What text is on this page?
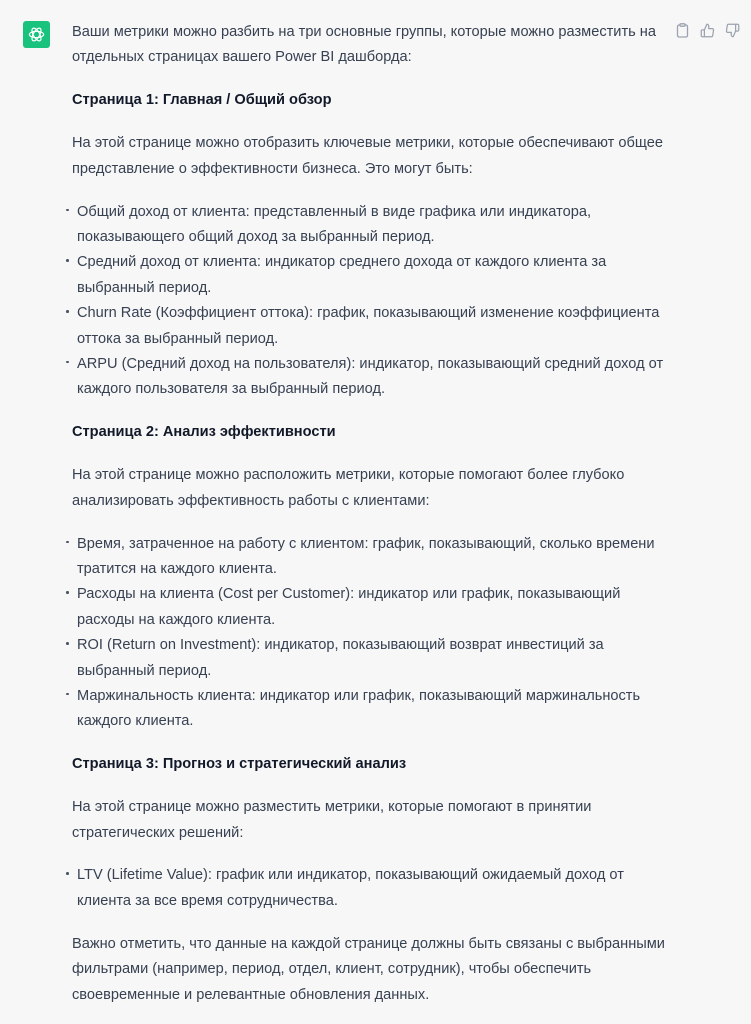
Ваши метрики можно разбить на три основные группы, которые можно разместить на отдельных страницах вашего Power BI дашборда:

Страница 1: Главная / Общий обзор

На этой странице можно отобразить ключевые метрики, которые обеспечивают общее представление о эффективности бизнеса. Это могут быть:

Общий доход от клиента: представленный в виде графика или индикатора, показывающего общий доход за выбранный период.
Средний доход от клиента: индикатор среднего дохода от каждого клиента за выбранный период.
Churn Rate (Коэффициент оттока): график, показывающий изменение коэффициента оттока за выбранный период.
ARPU (Средний доход на пользователя): индикатор, показывающий средний доход от каждого пользователя за выбранный период.
Страница 2: Анализ эффективности

На этой странице можно расположить метрики, которые помогают более глубоко анализировать эффективность работы с клиентами:

Время, затраченное на работу с клиентом: график, показывающий, сколько времени тратится на каждого клиента.
Расходы на клиента (Cost per Customer): индикатор или график, показывающий расходы на каждого клиента.
ROI (Return on Investment): индикатор, показывающий возврат инвестиций за выбранный период.
Маржинальность клиента: индикатор или график, показывающий маржинальность каждого клиента.
Страница 3: Прогноз и стратегический анализ

На этой странице можно разместить метрики, которые помогают в принятии стратегических решений:

LTV (Lifetime Value): график или индикатор, показывающий ожидаемый доход от клиента за все время сотрудничества.

Важно отметить, что данные на каждой странице должны быть связаны с выбранными фильтрами (например, период, отдел, клиент, сотрудник), чтобы обеспечить своевременные и релевантные обновления данных.
